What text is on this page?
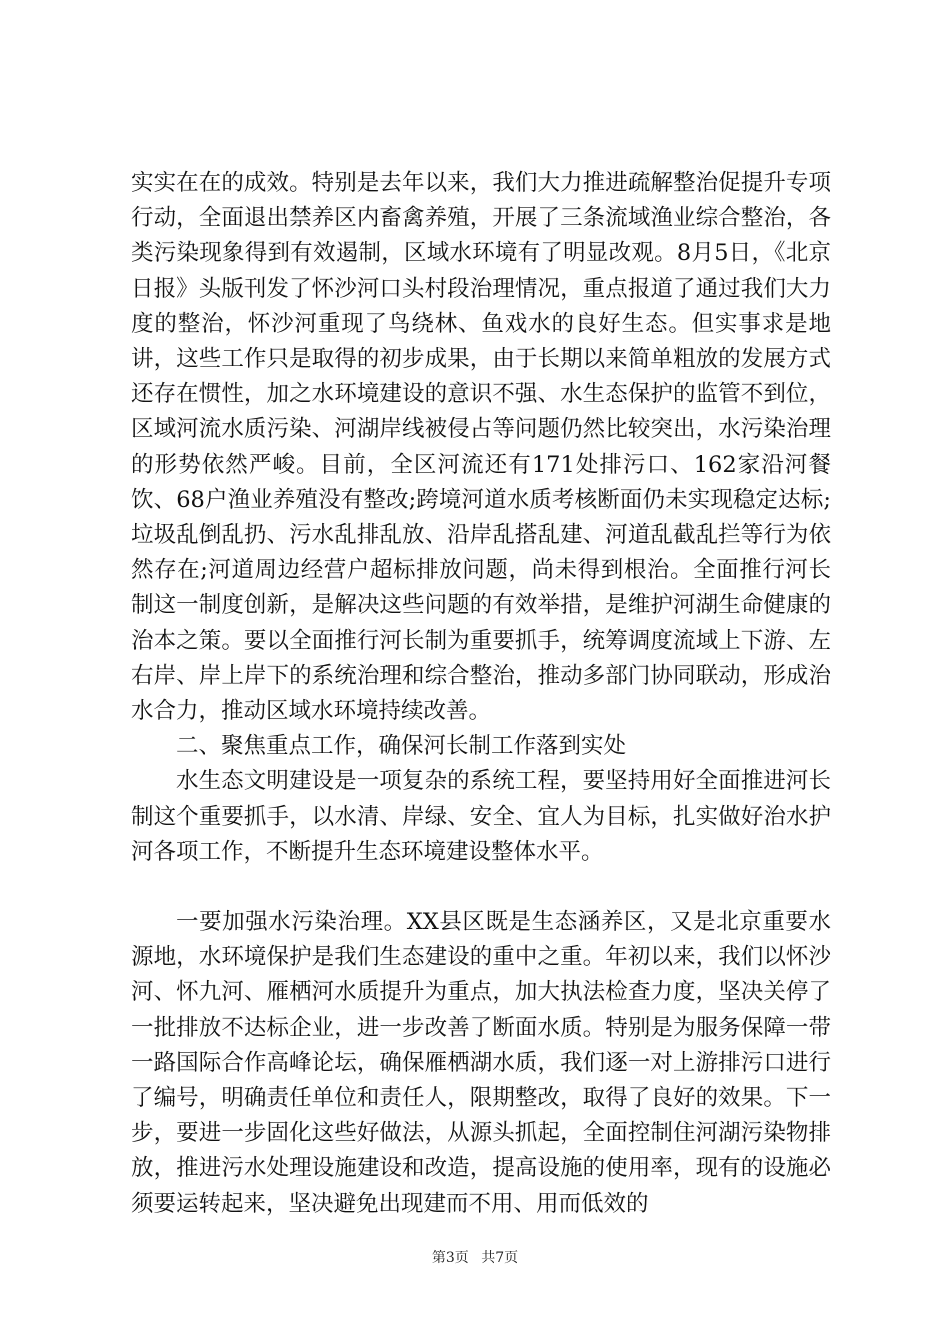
实实在在的成效。特别是去年以来，我们大力推进疏解整治促提升专项行动，全面退出禁养区内畜禽养殖，开展了三条流域渔业综合整治，各类污染现象得到有效遏制，区域水环境有了明显改观。8月5日，《北京日报》头版刊发了怀沙河口头村段治理情况，重点报道了通过我们大力度的整治，怀沙河重现了鸟绕林、鱼戏水的良好生态。但实事求是地讲，这些工作只是取得的初步成果，由于长期以来简单粗放的发展方式还存在惯性，加之水环境建设的意识不强、水生态保护的监管不到位，区域河流水质污染、河湖岸线被侵占等问题仍然比较突出，水污染治理的形势依然严峻。目前，全区河流还有171处排污口、162家沿河餐饮、68户渔业养殖没有整改;跨境河道水质考核断面仍未实现稳定达标;垃圾乱倒乱扔、污水乱排乱放、沿岸乱搭乱建、河道乱截乱拦等行为依然存在;河道周边经营户超标排放问题，尚未得到根治。全面推行河长制这一制度创新，是解决这些问题的有效举措，是维护河湖生命健康的治本之策。要以全面推行河长制为重要抓手，统筹调度流域上下游、左右岸、岸上岸下的系统治理和综合整治，推动多部门协同联动，形成治水合力，推动区域水环境持续改善。

二、聚焦重点工作，确保河长制工作落到实处

水生态文明建设是一项复杂的系统工程，要坚持用好全面推进河长制这个重要抓手，以水清、岸绿、安全、宜人为目标，扎实做好治水护河各项工作，不断提升生态环境建设整体水平。

一要加强水污染治理。XX县区既是生态涵养区，又是北京重要水源地，水环境保护是我们生态建设的重中之重。年初以来，我们以怀沙河、怀九河、雁栖河水质提升为重点，加大执法检查力度，坚决关停了一批排放不达标企业，进一步改善了断面水质。特别是为服务保障一带一路国际合作高峰论坛，确保雁栖湖水质，我们逐一对上游排污口进行了编号，明确责任单位和责任人，限期整改，取得了良好的效果。下一步，要进一步固化这些好做法，从源头抓起，全面控制住河湖污染物排放，推进污水处理设施建设和改造，提高设施的使用率，现有的设施必须要运转起来，坚决避免出现建而不用、用而低效的

第3页 共7页
